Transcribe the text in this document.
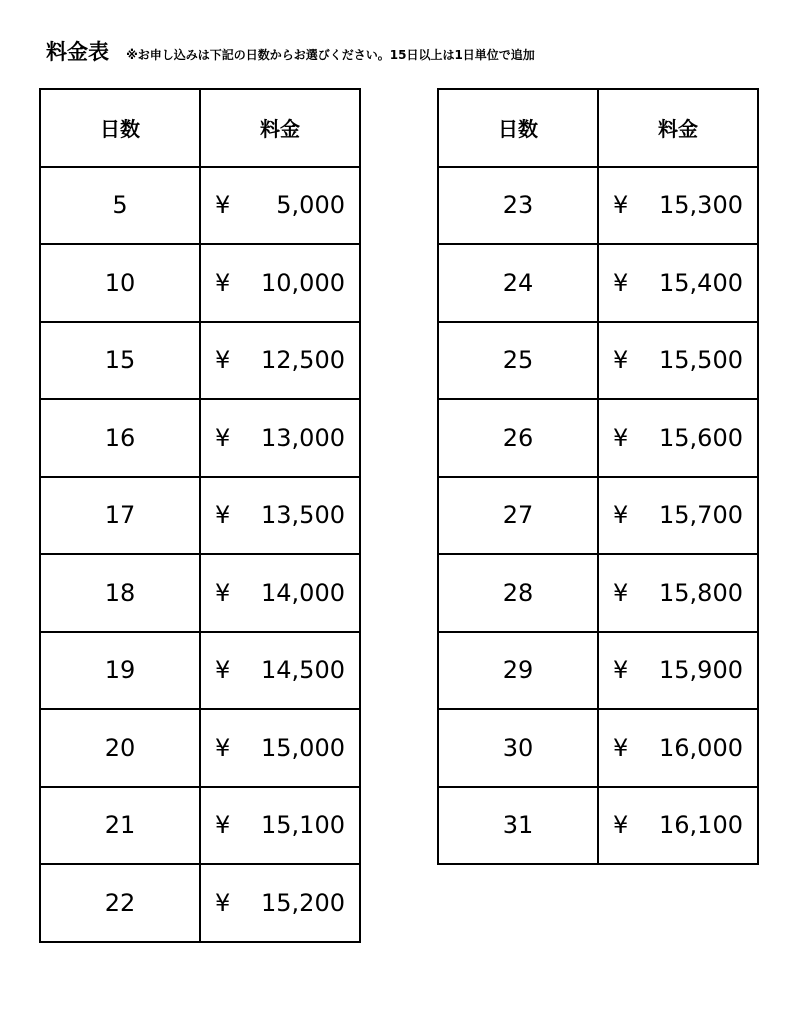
料金表 ※お申し込みは下記の日数からお選びください。15日以上は1日単位で追加
日数	料金
5	¥ 5,000

10	¥ 10,000

15	¥ 12,500

16	¥ 13,000

17	¥ 13,500

18	¥ 14,000

19	¥ 14,500

20	¥ 15,000

21	¥ 15,100

22	¥ 15,200
日数	料金
23	¥ 15,300

24	¥ 15,400

25	¥ 15,500

26	¥ 15,600

27	¥ 15,700

28	¥ 15,800

29	¥ 15,900

30	¥ 16,000

31	¥ 16,100
